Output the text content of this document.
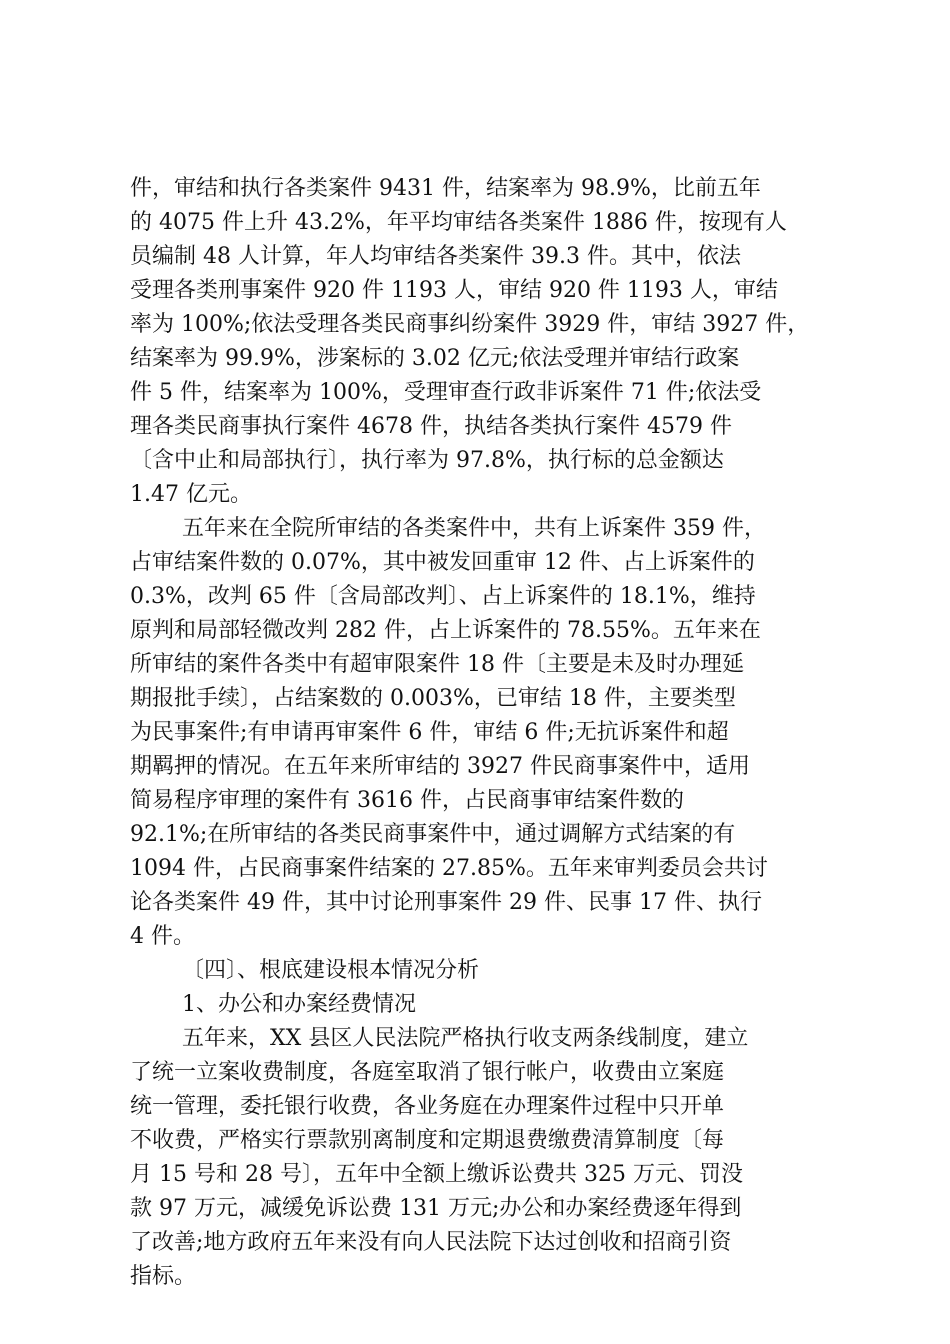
件，审结和执行各类案件 9431 件，结案率为 98.9%，比前五年
的 4075 件上升 43.2%，年平均审结各类案件 1886 件，按现有人
员编制 48 人计算，年人均审结各类案件 39.3 件。其中，依法
受理各类刑事案件 920 件 1193 人，审结 920 件 1193 人，审结
率为 100%;依法受理各类民商事纠纷案件 3929 件，审结 3927 件，
结案率为 99.9%，涉案标的 3.02 亿元;依法受理并审结行政案
件 5 件，结案率为 100%，受理审查行政非诉案件 71 件;依法受
理各类民商事执行案件 4678 件，执结各类执行案件 4579 件
〔含中止和局部执行〕，执行率为 97.8%，执行标的总金额达
1.47 亿元。
五年来在全院所审结的各类案件中，共有上诉案件 359 件，
占审结案件数的 0.07%，其中被发回重审 12 件、占上诉案件的
0.3%，改判 65 件〔含局部改判〕、占上诉案件的 18.1%，维持
原判和局部轻微改判 282 件，占上诉案件的 78.55%。五年来在
所审结的案件各类中有超审限案件 18 件〔主要是未及时办理延
期报批手续〕，占结案数的 0.003%，已审结 18 件，主要类型
为民事案件;有申请再审案件 6 件，审结 6 件;无抗诉案件和超
期羁押的情况。在五年来所审结的 3927 件民商事案件中，适用
简易程序审理的案件有 3616 件，占民商事审结案件数的
92.1%;在所审结的各类民商事案件中，通过调解方式结案的有
1094 件，占民商事案件结案的 27.85%。五年来审判委员会共讨
论各类案件 49 件，其中讨论刑事案件 29 件、民事 17 件、执行
4 件。
〔四〕、根底建设根本情况分析
1、办公和办案经费情况
五年来，XX 县区人民法院严格执行收支两条线制度，建立
了统一立案收费制度，各庭室取消了银行帐户，收费由立案庭
统一管理，委托银行收费，各业务庭在办理案件过程中只开单
不收费，严格实行票款别离制度和定期退费缴费清算制度〔每
月 15 号和 28 号〕，五年中全额上缴诉讼费共 325 万元、罚没
款 97 万元，减缓免诉讼费 131 万元;办公和办案经费逐年得到
了改善;地方政府五年来没有向人民法院下达过创收和招商引资
指标。
